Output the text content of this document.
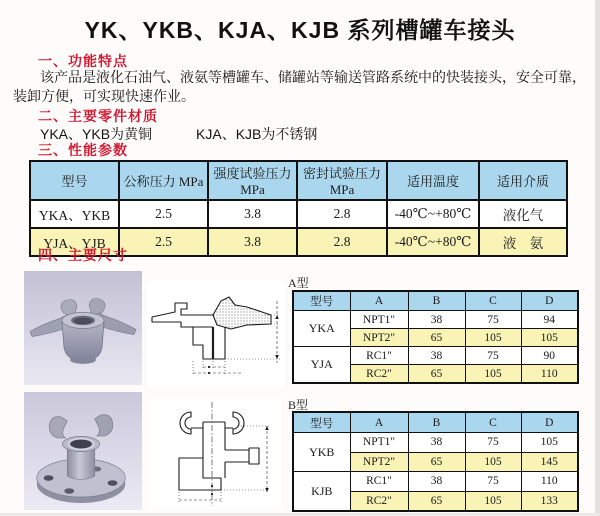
YK、YKB、KJA、KJB 系列槽罐车接头
一、功能特点
该产品是液化石油气、液氨等槽罐车、储罐站等输送管路系统中的快装接头，安全可靠，装卸方便，可实现快速作业。
二、主要零件材质
YKA、YKB为黄铜	KJA、KJB为不锈钢
三、性能参数
型号	公称压力 MPa	强度试验压力MPa	密封试验压力MPa	适用温度	适用介质
YKA、YKB	2.5	3.8	2.8	-40℃~+80℃	液化气
YJA、YJB	2.5	3.8	2.8	-40℃~+80℃	液　氨
四、主要尺寸
A型
型号	A	B	C	D
YKA	NPT1"	38	75	94
	NPT2"	65	105	105
YJA	RC1"	38	75	90
	RC2"	65	105	110
B型
型号	A	B	C	D
YKB	NPT1"	38	75	105
	NPT2"	65	105	145
KJB	RC1"	38	75	110
	RC2"	65	105	133
